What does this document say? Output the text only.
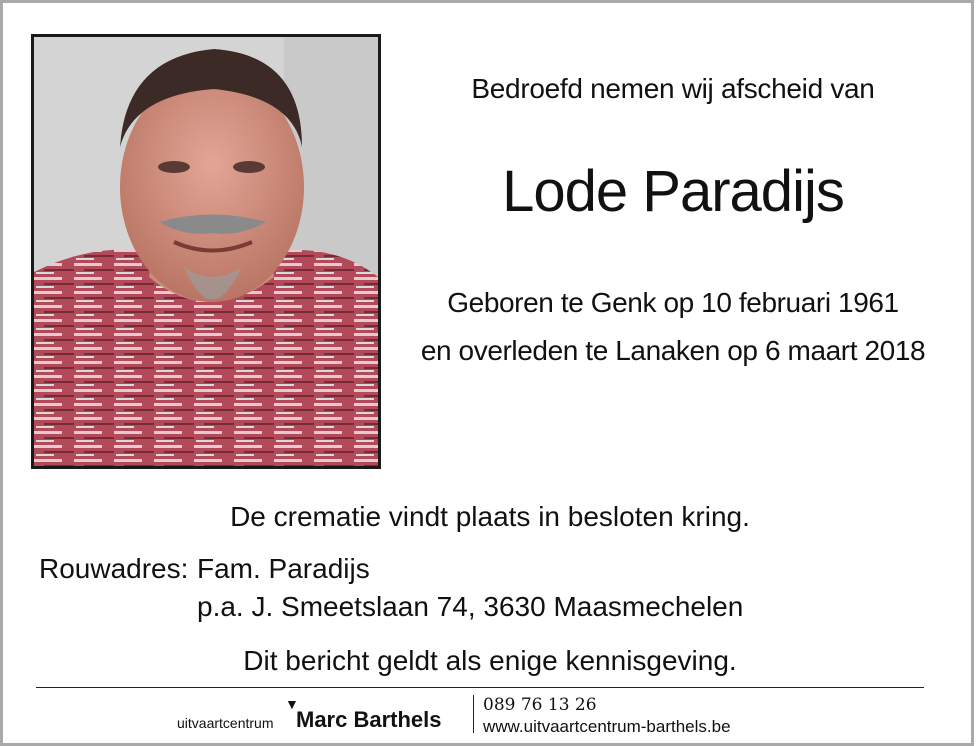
Bedroefd nemen wij afscheid van
Lode Paradijs
Geboren te Genk op 10 februari 1961
en overleden te Lanaken op 6 maart 2018
De crematie vindt plaats in besloten kring.
Rouwadres: Fam. Paradijs
p.a. J. Smeetslaan 74, 3630 Maasmechelen
Dit bericht geldt als enige kennisgeving.
uitvaartcentrum
▼
Marc Barthels
089 76 13 26
www.uitvaartcentrum-barthels.be
